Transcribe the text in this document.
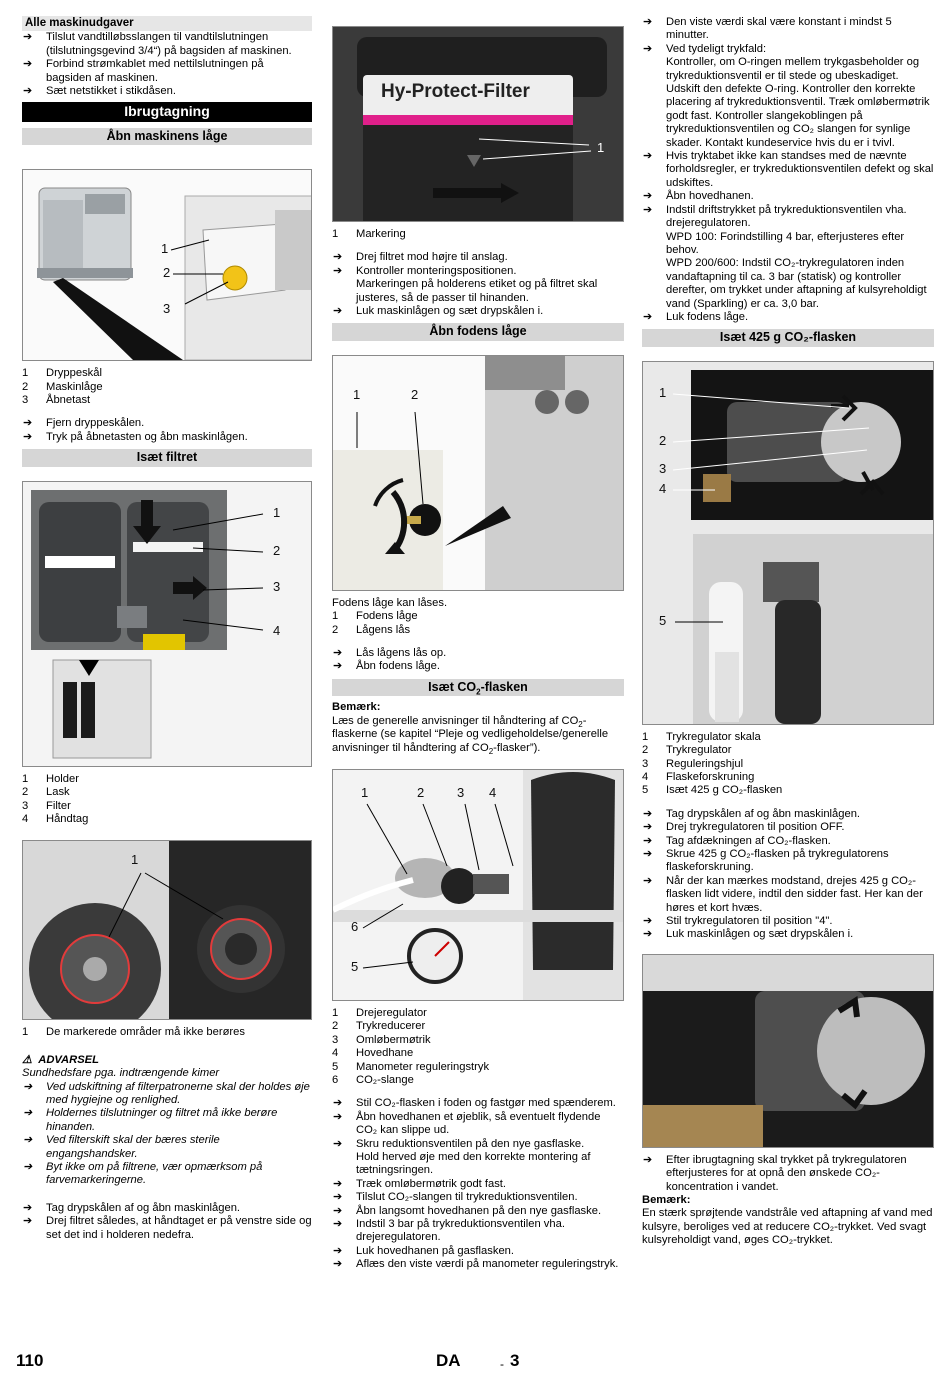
Alle maskinudgaver
➔ Tilslut vandtilløbsslangen til vandtilslutningen (tilslutningsgevind 3/4“) på bagsiden af maskinen.
➔ Forbind strømkablet med nettilslutningen på bagsiden af maskinen.
➔ Sæt netstikket i stikdåsen.
Ibrugtagning
Åbn maskinens låge
1
2
3
1	Dryppeskål
2	Maskinlåge
3	Åbnetast
➔ Fjern dryppeskålen.
➔ Tryk på åbnetasten og åbn maskinlågen.
Isæt filtret
1
2
3
4
1	Holder
2	Lask
3	Filter
4	Håndtag
1
1	De markerede områder må ikke berøres
⚠ ADVARSEL
Sundhedsfare pga. indtrængende kimer
➔ Ved udskiftning af filterpatronerne skal der holdes øje med hygiejne og renlighed.
➔ Holdernes tilslutninger og filtret må ikke berøre hinanden.
➔ Ved filterskift skal der bæres sterile engangshandsker.
➔ Byt ikke om på filtrene, vær opmærksom på farvemarkeringerne.
➔ Tag drypskålen af og åbn maskinlågen.
➔ Drej filtret således, at håndtaget er på venstre side og set det ind i holderen nedefra.
Hy-Protect-Filter
1
1	Markering
➔ Drej filtret mod højre til anslag.
➔ Kontroller monteringspositionen.
Markeringen på holderens etiket og på filtret skal justeres, så de passer til hinanden.
➔ Luk maskinlågen og sæt drypskålen i.
Åbn fodens låge
1	2
Fodens låge kan låses.
1	Fodens låge
2	Lågens lås
➔ Lås lågens lås op.
➔ Åbn fodens låge.
Isæt $CO_2$-flasken
Bemærk:
Læs de generelle anvisninger til håndtering af $CO_2$-flaskerne (se kapitel “Pleje og vedligeholdelse/generelle anvisninger til håndtering af $CO_2-flasker$”).
1	2	3 4
5
6
1	Drejeregulator
2	Trykreducerer
3	Omløbermøtrik
4	Hovedhane
5	Manometer reguleringstryk
6	CO₂-slange
➔ Stil CO₂-flasken i foden og fastgør med spænderem.
➔ Åbn hovedhanen et øjeblik, så eventuelt flydende CO₂ kan slippe ud.
➔ Skru reduktionsventilen på den nye gasflaske.
Hold herved øje med den korrekte montering af tætningsringen.
➔ Træk omløbermøtrik godt fast.
➔ Tilslut CO₂-slangen til trykreduktionsventilen.
➔ Åbn langsomt hovedhanen på den nye gasflaske.
➔ Indstil 3 bar på trykreduktionsventilen vha. drejeregulatoren.
➔ Luk hovedhanen på gasflasken.
➔ Aflæs den viste værdi på manometer reguleringstryk.
➔ Den viste værdi skal være konstant i mindst 5 minutter.
➔ Ved tydeligt trykfald:
Kontroller, om O-ringen mellem trykgasbeholder og trykreduktionsventil er til stede og ubeskadiget. Udskift den defekte O-ring. Kontroller den korrekte placering af trykreduktionsventil. Træk omløbermøtrik godt fast. Kontroller slangekoblingen på trykreduktionsventilen og CO₂ slangen for synlige skader. Kontakt kundeservice hvis du er i tvivl.
➔ Hvis tryktabet ikke kan standses med de nævnte forholdsregler, er trykreduktionsventilen defekt og skal udskiftes.
➔ Åbn hovedhanen.
➔ Indstil driftstrykket på trykreduktionsventilen vha. drejeregulatoren.
WPD 100: Forindstilling 4 bar, efterjusteres efter behov.
WPD 200/600: Indstil CO₂-trykregulatoren inden vandaftapning til ca. 3 bar (statisk) og kontroller derefter, om trykket under aftapning af kulsyreholdigt vand (Sparkling) er ca. 3,0 bar.
➔ Luk fodens låge.
Isæt 425 g CO₂-flasken
1
2
3
4
5
1	Trykregulator skala
2	Trykregulator
3	Reguleringshjul
4	Flaskeforskruning
5	Isæt 425 g CO₂-flasken
➔ Tag drypskålen af og åbn maskinlågen.
➔ Drej trykregulatoren til position OFF.
➔ Tag afdækningen af CO₂-flasken.
➔ Skrue 425 g CO₂-flasken på trykregulatorens flaskeforskruning.
➔ Når der kan mærkes modstand, drejes 425 g CO₂-flasken lidt videre, indtil den sidder fast. Her kan der høres et kort hvæs.
➔ Stil trykregulatoren til position "4".
➔ Luk maskinlågen og sæt drypskålen i.
➔ Efter ibrugtagning skal trykket på trykregulatoren efterjusteres for at opnå den ønskede CO₂-koncentration i vandet.
Bemærk:
En stærk sprøjtende vandstråle ved aftapning af vand med kulsyre, beroliges ved at reducere CO₂-trykket. Ved svagt kulsyreholdigt vand, øges CO₂-trykket.
110	DA	- 3
